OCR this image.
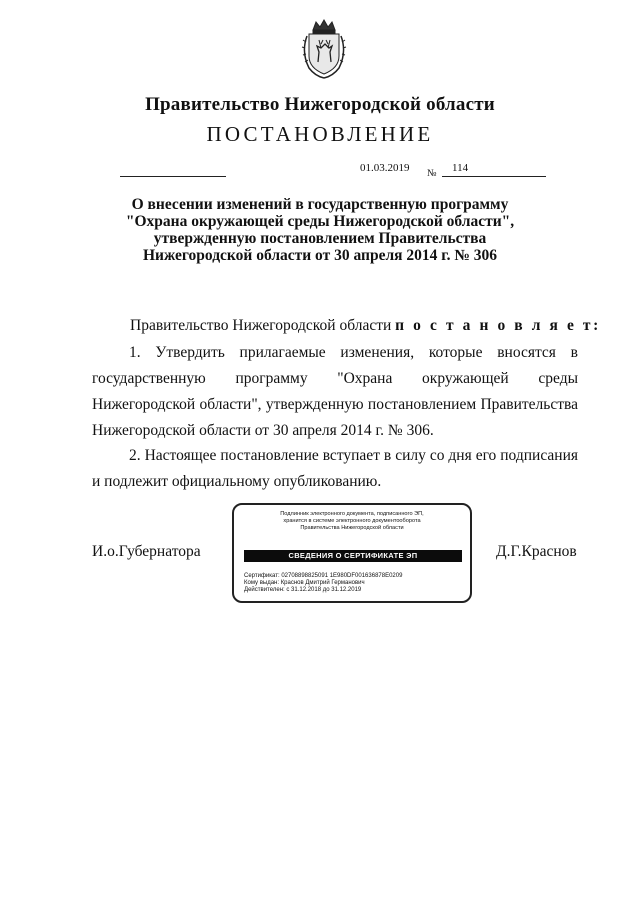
Правительство Нижегородской области
ПОСТАНОВЛЕНИЕ
01.03.2019 № 114
О внесении изменений в государственную программу
"Охрана окружающей среды Нижегородской области",
утвержденную постановлением Правительства
Нижегородской области от 30 апреля 2014 г. № 306
Правительство Нижегородской области п о с т а н о в л я е т:
1. Утвердить прилагаемые изменения, которые вносятся в государственную программу "Охрана окружающей среды Нижегородской области", утвержденную постановлением Правительства Нижегородской области от 30 апреля 2014 г. № 306.
2. Настоящее постановление вступает в силу со дня его подписания и подлежит официальному опубликованию.
И.о.Губернатора	Д.Г.Краснов
Подлинник электронного документа, подписанного ЭП,
хранится в системе электронного документооборота
Правительства Нижегородской области
СВЕДЕНИЯ О СЕРТИФИКАТЕ ЭП
Сертификат: 02708898825091 1E980DF001636878E0209
Кому выдан: Краснов Дмитрий Германович
Действителен: с 31.12.2018 до 31.12.2019
